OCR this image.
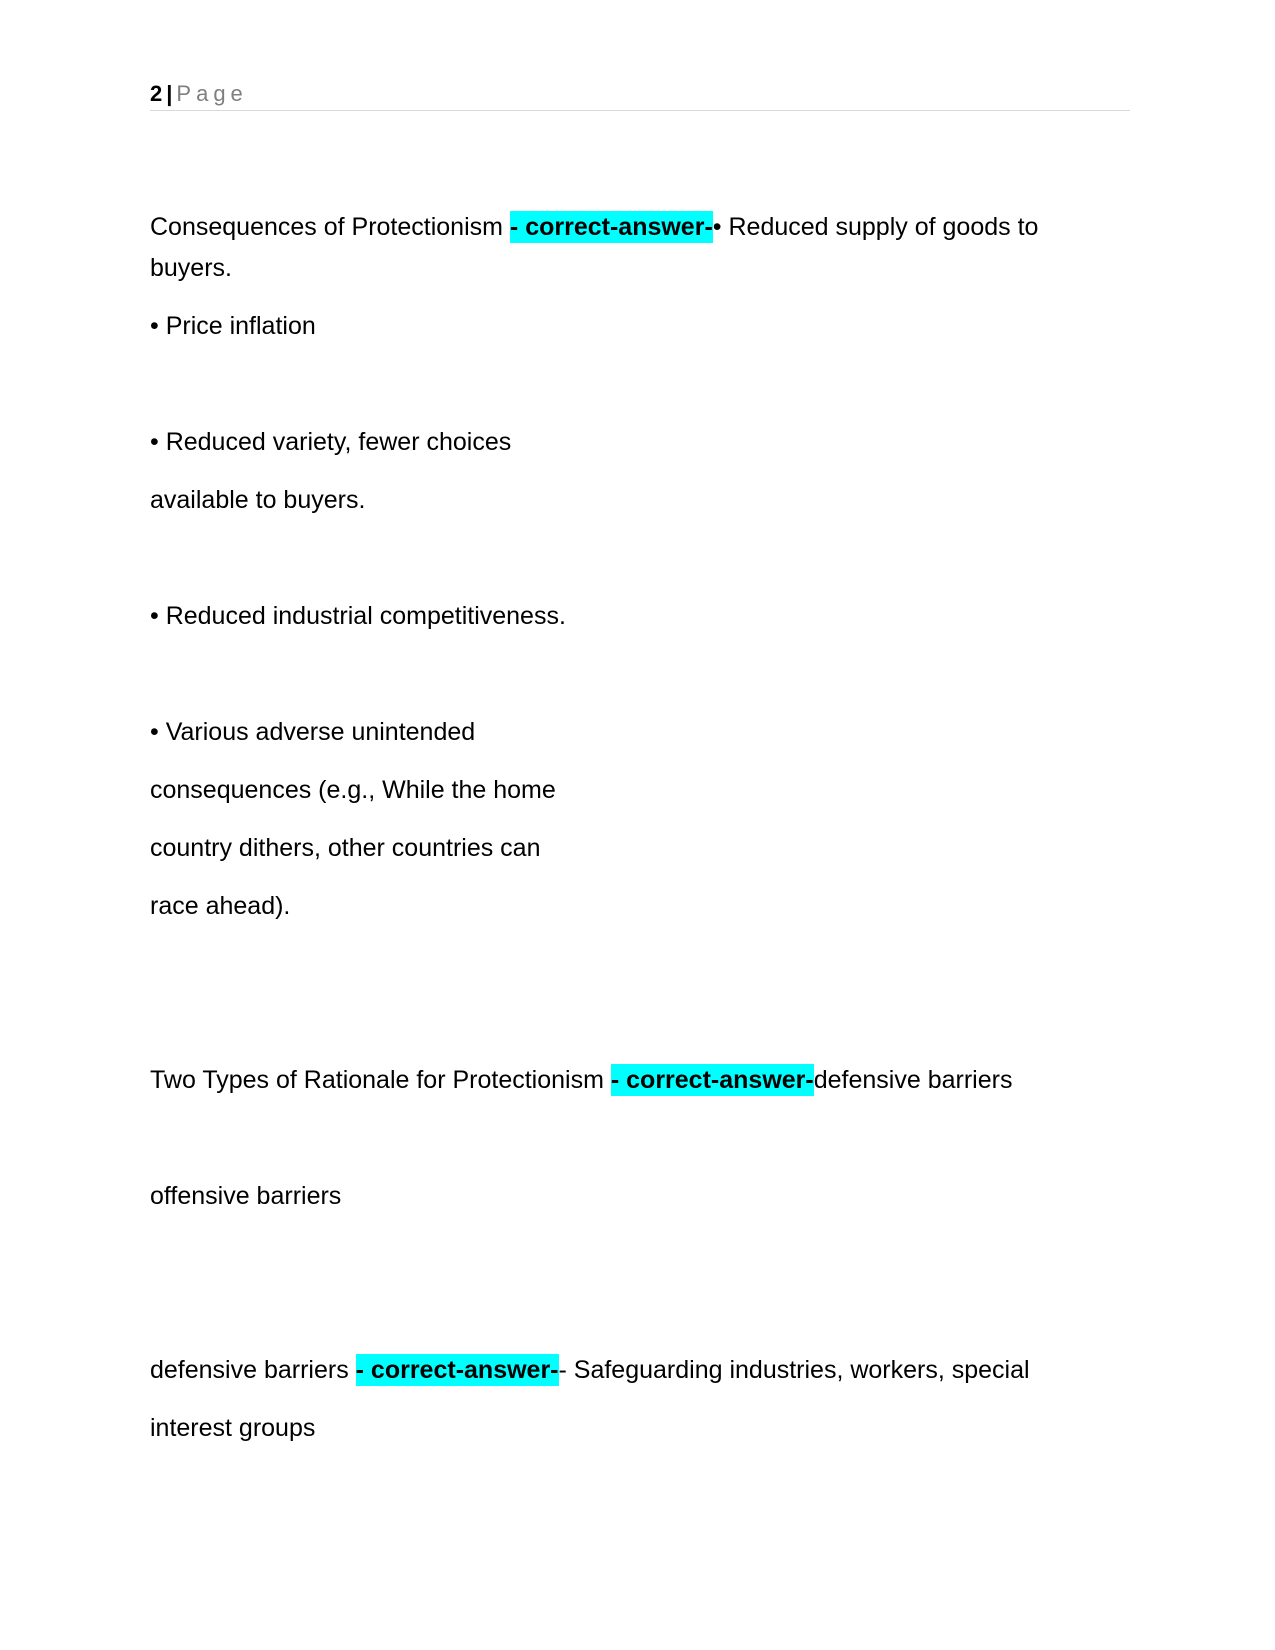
2 | Page
Consequences of Protectionism - correct-answer-• Reduced supply of goods to
buyers.
• Price inflation
• Reduced variety, fewer choices
available to buyers.
• Reduced industrial competitiveness.
• Various adverse unintended
consequences (e.g., While the home
country dithers, other countries can
race ahead).
Two Types of Rationale for Protectionism - correct-answer-defensive barriers
offensive barriers
defensive barriers - correct-answer-- Safeguarding industries, workers, special
interest groups
